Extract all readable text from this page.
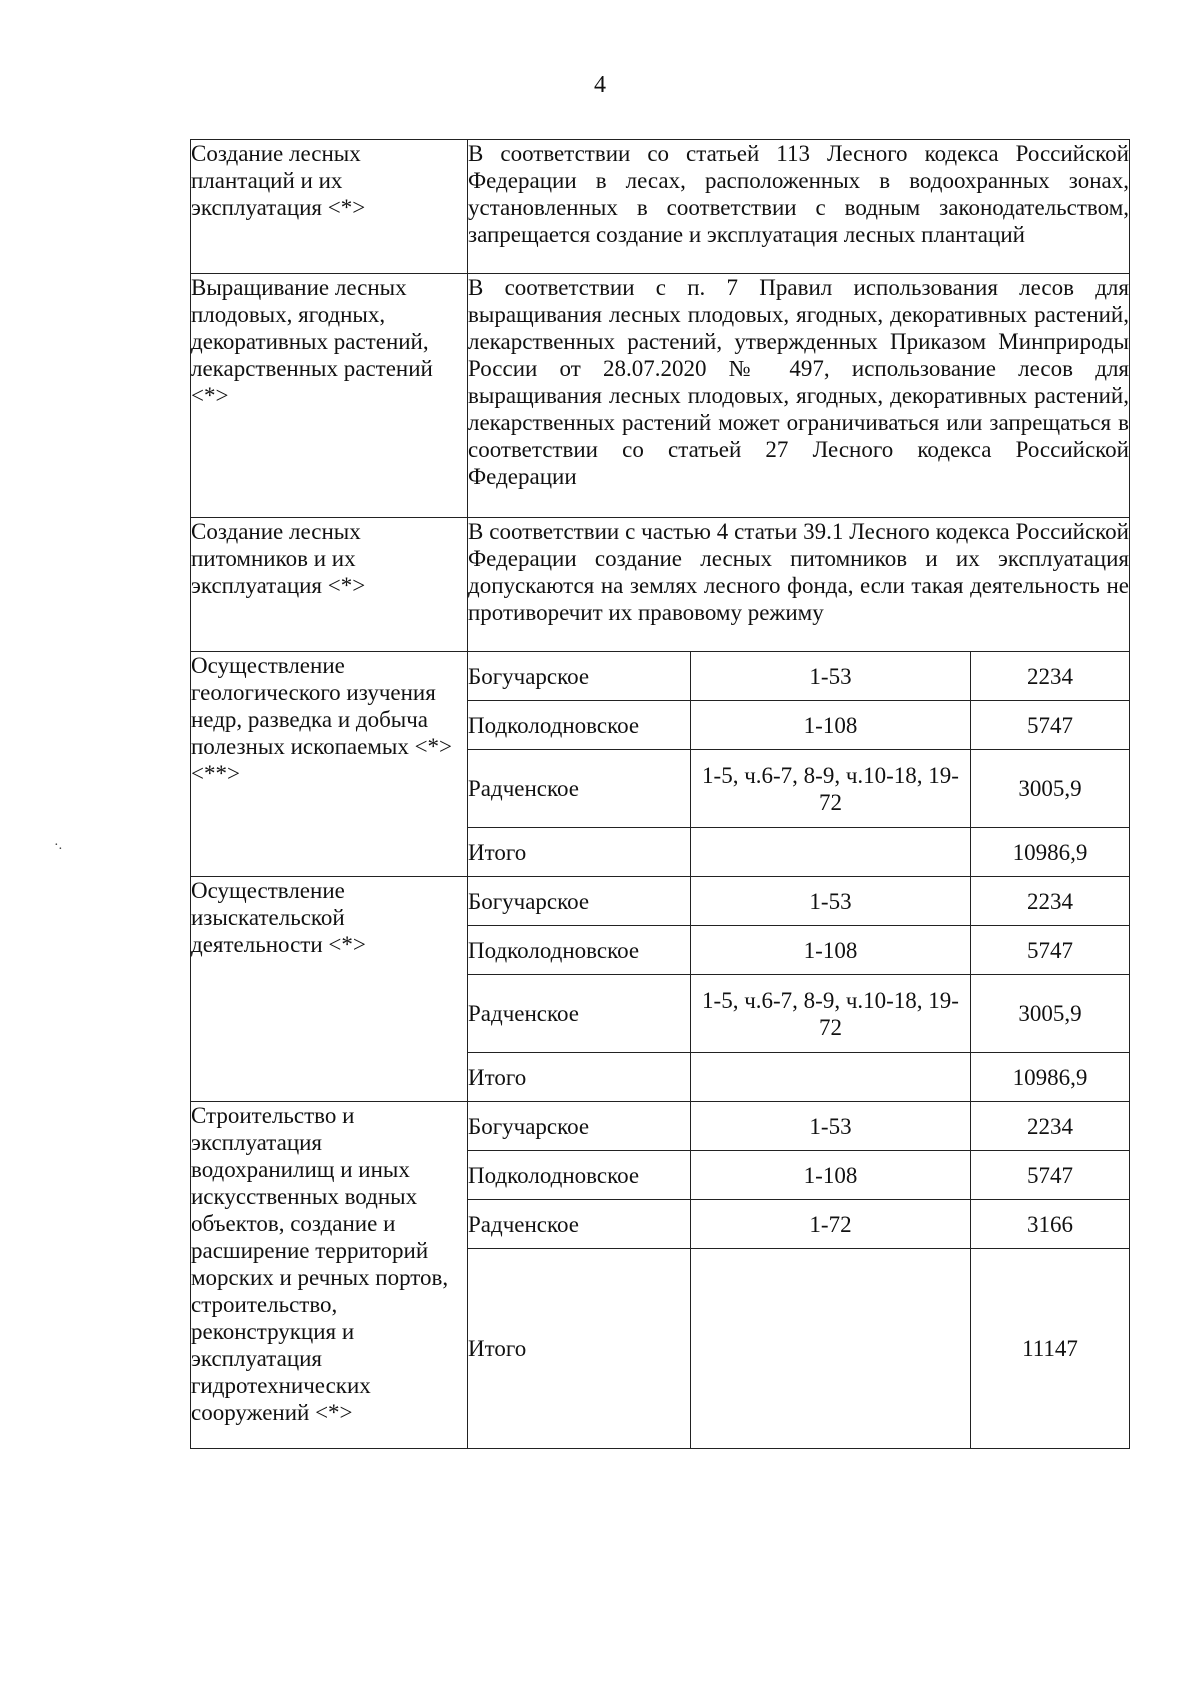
4
·.
Создание лесных плантаций и их эксплуатация <*>	В соответствии со статьей 113 Лесного кодекса Российской Федерации в лесах, расположенных в водоохранных зонах, установленных в соответствии с водным законодательством, запрещается создание и эксплуатация лесных плантаций		
Выращивание лесных плодовых, ягодных, декоративных растений, лекарственных растений <*>	В соответствии с п. 7 Правил использования лесов для выращивания лесных плодовых, ягодных, декоративных растений, лекарственных растений, утвержденных Приказом Минприроды России от 28.07.2020 № 497, использование лесов для выращивания лесных плодовых, ягодных, декоративных растений, лекарственных растений может ограничиваться или запрещаться в соответствии со статьей 27 Лесного кодекса Российской Федерации		
Создание лесных питомников и их эксплуатация <*>	В соответствии с частью 4 статьи 39.1 Лесного кодекса Российской Федерации создание лесных питомников и их эксплуатация допускаются на землях лесного фонда, если такая деятельность не противоречит их правовому режиму		
Осуществление геологического изучения недр, разведка и добыча полезных ископаемых <*> <**>	Богучарское	1-53	2234
	Подколодновское	1-108	5747
	Радченское	1-5, ч.6-7, 8-9, ч.10-18, 19-72	3005,9
	Итого		10986,9
Осуществление изыскательской деятельности <*>	Богучарское	1-53	2234
	Подколодновское	1-108	5747
	Радченское	1-5, ч.6-7, 8-9, ч.10-18, 19-72	3005,9
	Итого		10986,9
Строительство и эксплуатация водохранилищ и иных искусственных водных объектов, создание и расширение территорий морских и речных портов, строительство, реконструкция и эксплуатация гидротехнических сооружений <*>	Богучарское	1-53	2234
	Подколодновское	1-108	5747
	Радченское	1-72	3166
	Итого		11147
